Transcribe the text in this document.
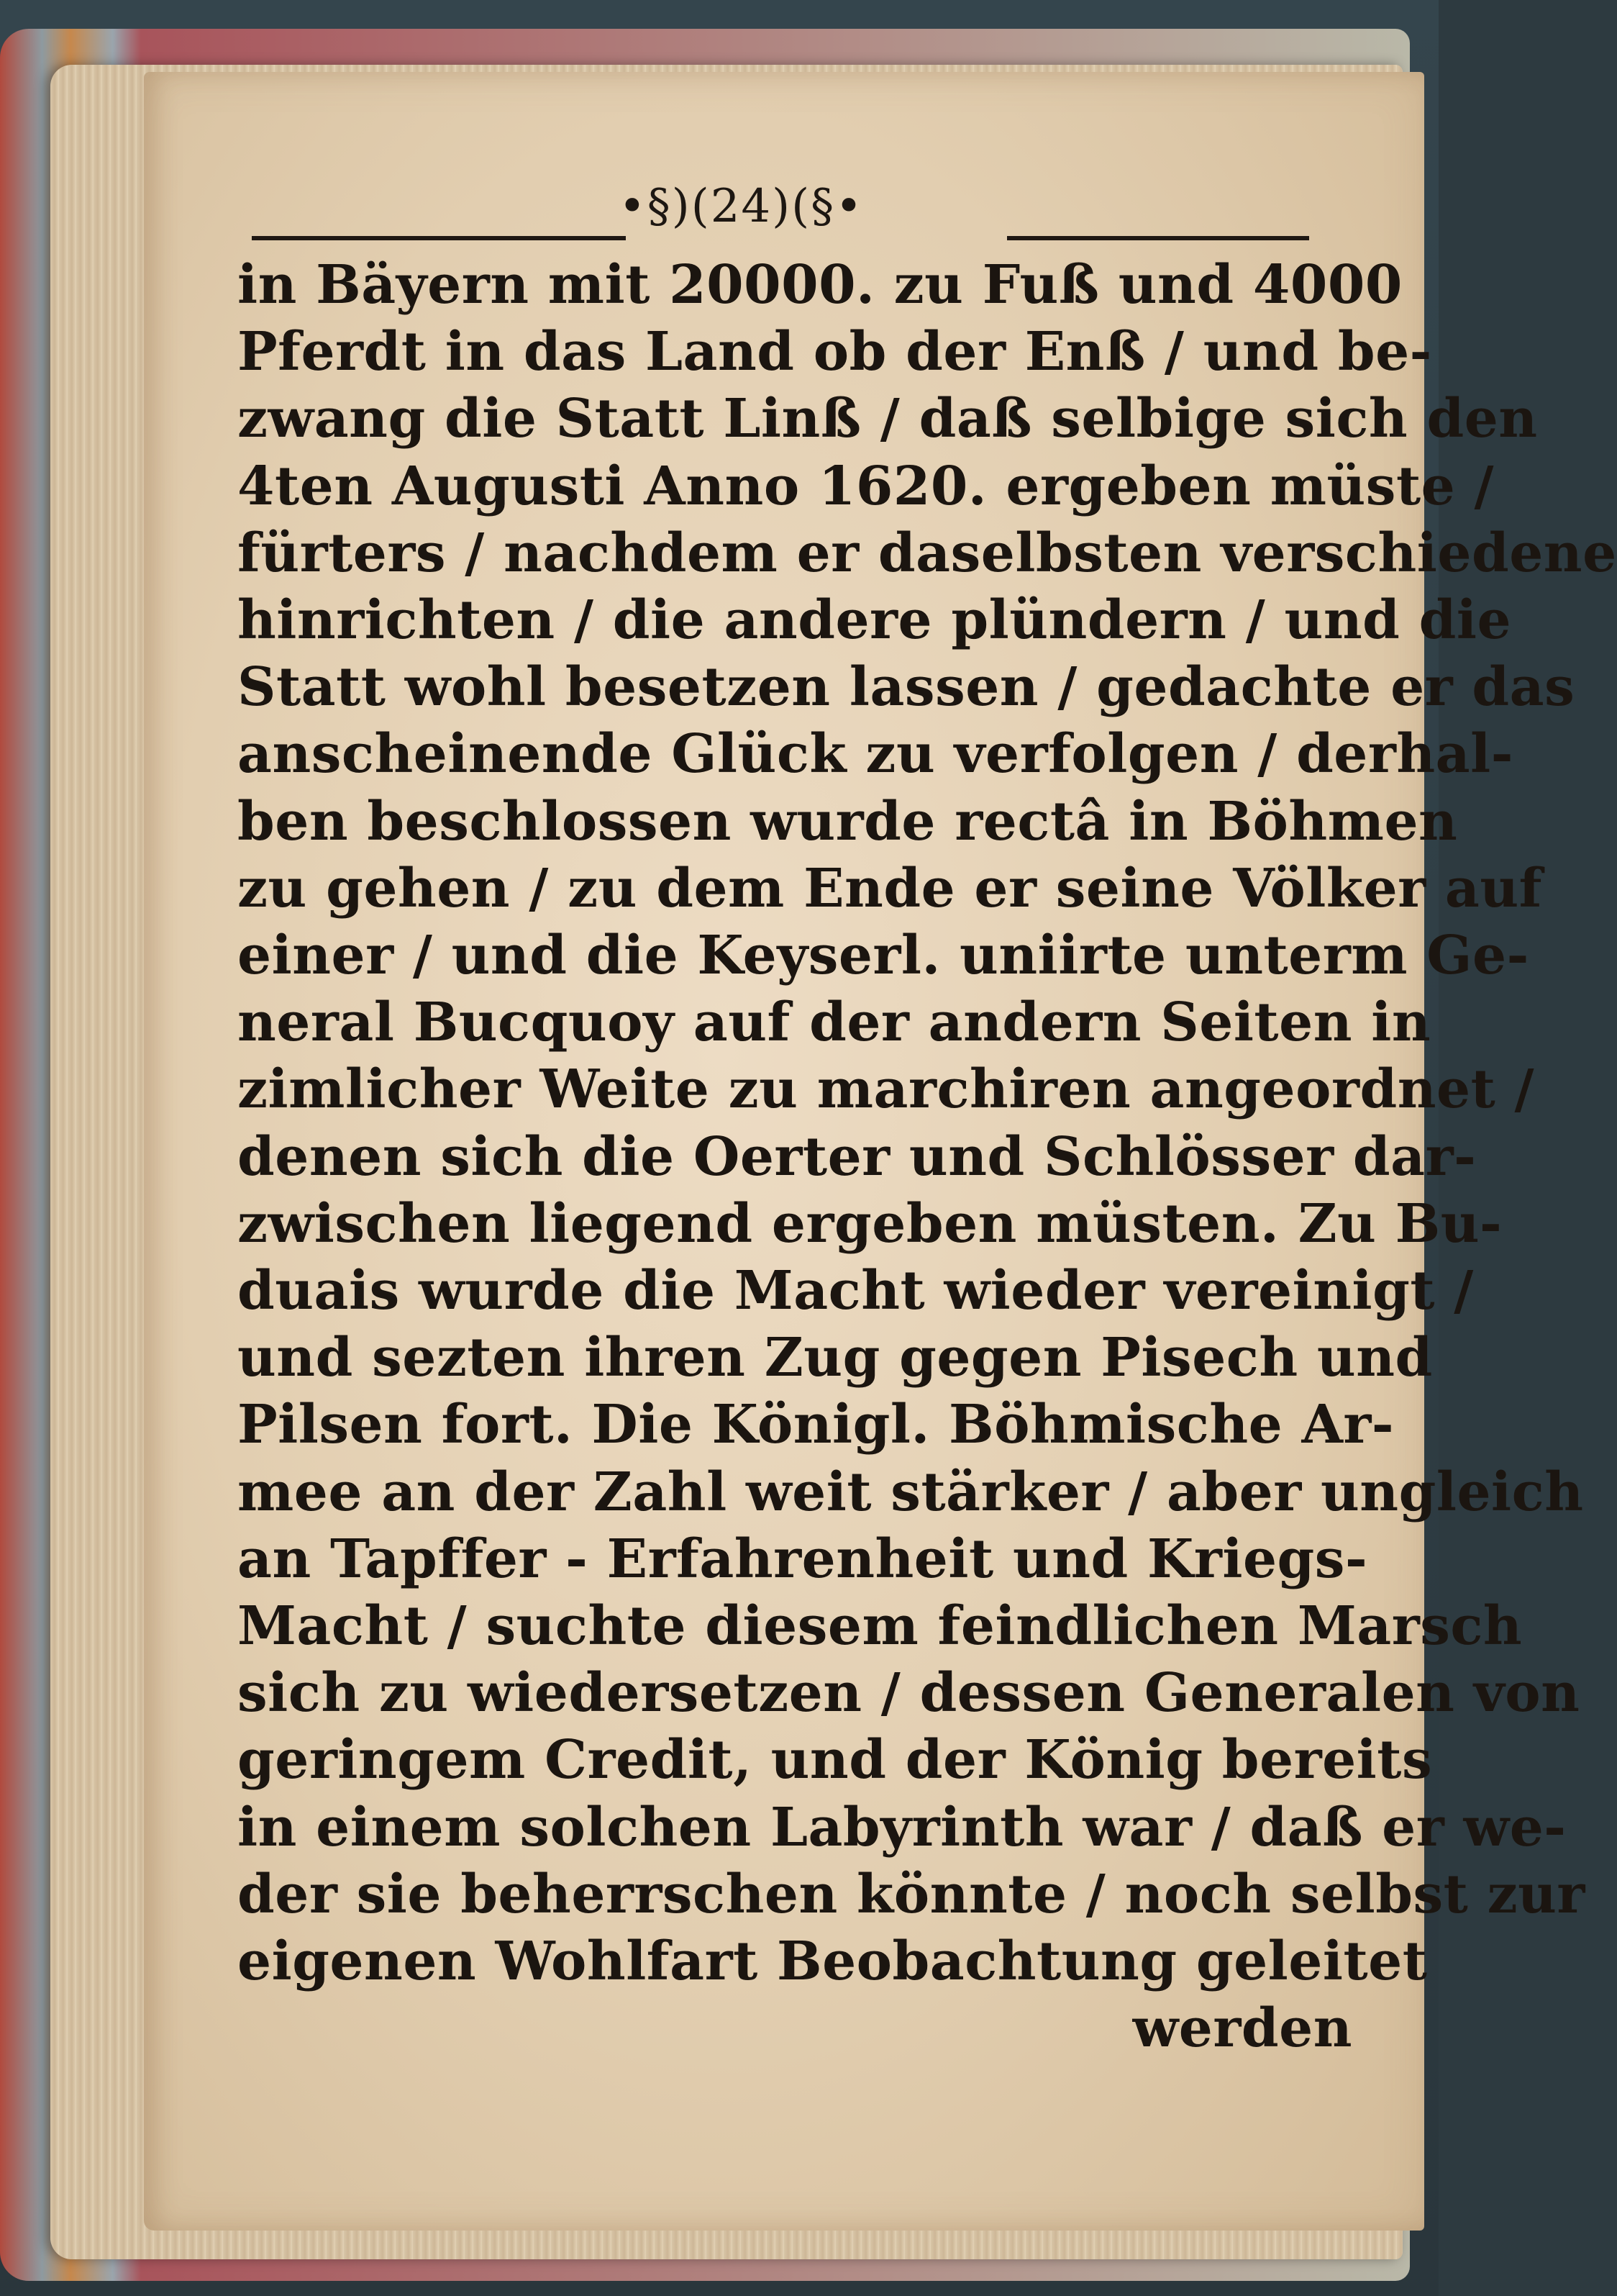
•§)(24)(§•
in Bäyern mit 20000. zu Fuß und 4000
Pferdt in das Land ob der Enß / und be-
zwang die Statt Linß / daß selbige sich den
4ten Augusti Anno 1620. ergeben müste /
fürters / nachdem er daselbsten verschiedene
hinrichten / die andere plündern / und die
Statt wohl besetzen lassen / gedachte er das
anscheinende Glück zu verfolgen / derhal-
ben beschlossen wurde rectâ in Böhmen
zu gehen / zu dem Ende er seine Völker auf
einer / und die Keyserl. uniirte unterm Ge-
neral Bucquoy auf der andern Seiten in
zimlicher Weite zu marchiren angeordnet /
denen sich die Oerter und Schlösser dar-
zwischen liegend ergeben müsten. Zu Bu-
duais wurde die Macht wieder vereinigt /
und sezten ihren Zug gegen Pisech und
Pilsen fort. Die Königl. Böhmische Ar-
mee an der Zahl weit stärker / aber ungleich
an Tapffer - Erfahrenheit und Kriegs-
Macht / suchte diesem feindlichen Marsch
sich zu wiedersetzen / dessen Generalen von
geringem Credit, und der König bereits
in einem solchen Labyrinth war / daß er we-
der sie beherrschen könnte / noch selbst zur
eigenen Wohlfart Beobachtung geleitet
werden
